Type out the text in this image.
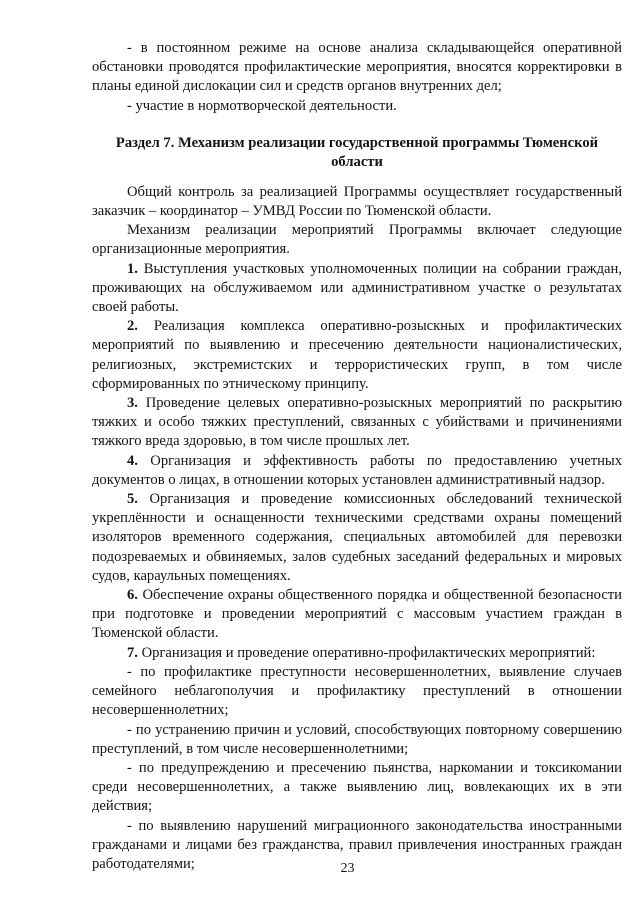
- в постоянном режиме на основе анализа складывающейся оперативной обстановки проводятся профилактические мероприятия, вносятся корректировки в планы единой дислокации сил и средств органов внутренних дел;

- участие в нормотворческой деятельности.

Раздел 7. Механизм реализации государственной программы Тюменской области

Общий контроль за реализацией Программы осуществляет государственный заказчик – координатор – УМВД России по Тюменской области.

Механизм реализации мероприятий Программы включает следующие организационные мероприятия.

1. Выступления участковых уполномоченных полиции на собрании граждан, проживающих на обслуживаемом или административном участке о результатах своей работы.

2. Реализация комплекса оперативно-розыскных и профилактических мероприятий по выявлению и пресечению деятельности националистических, религиозных, экстремистских и террористических групп, в том числе сформированных по этническому принципу.

3. Проведение целевых оперативно-розыскных мероприятий по раскрытию тяжких и особо тяжких преступлений, связанных с убийствами и причинениями тяжкого вреда здоровью, в том числе прошлых лет.

4. Организация и эффективность работы по предоставлению учетных документов о лицах, в отношении которых установлен административный надзор.

5. Организация и проведение комиссионных обследований технической укреплённости и оснащенности техническими средствами охраны помещений изоляторов временного содержания, специальных автомобилей для перевозки подозреваемых и обвиняемых, залов судебных заседаний федеральных и мировых судов, караульных помещениях.

6. Обеспечение охраны общественного порядка и общественной безопасности при подготовке и проведении мероприятий с массовым участием граждан в Тюменской области.

7. Организация и проведение оперативно-профилактических мероприятий:

- по профилактике преступности несовершеннолетних, выявление случаев семейного неблагополучия и профилактику преступлений в отношении несовершеннолетних;

- по устранению причин и условий, способствующих повторному совершению преступлений, в том числе несовершеннолетними;

- по предупреждению и пресечению пьянства, наркомании и токсикомании среди несовершеннолетних, а также выявлению лиц, вовлекающих их в эти действия;

- по выявлению нарушений миграционного законодательства иностранными гражданами и лицами без гражданства, правил привлечения иностранных граждан работодателями;	23
